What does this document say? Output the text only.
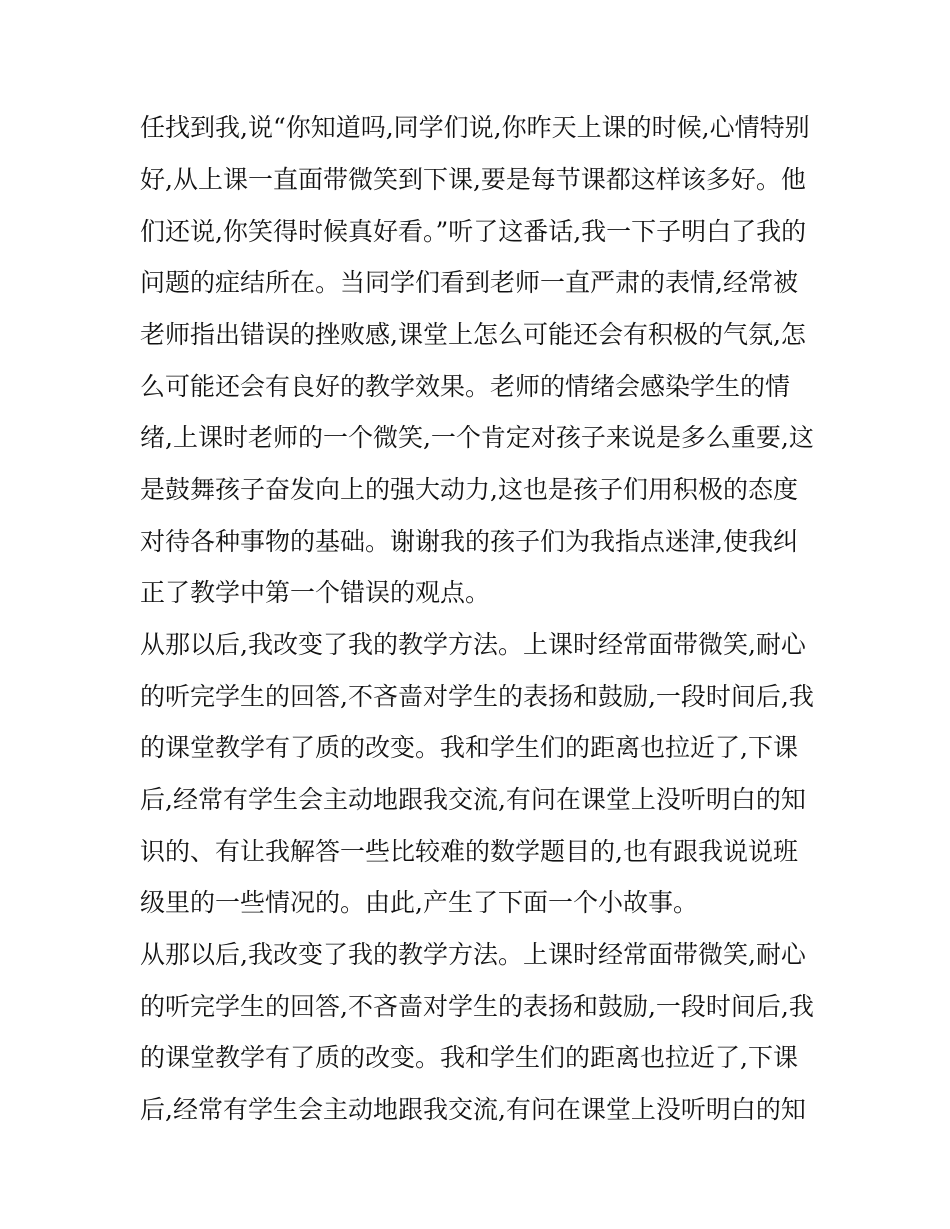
任找到我,说“你知道吗,同学们说,你昨天上课的时候,心情特别
好,从上课一直面带微笑到下课,要是每节课都这样该多好。他
们还说,你笑得时候真好看。”听了这番话,我一下子明白了我的
问题的症结所在。当同学们看到老师一直严肃的表情,经常被
老师指出错误的挫败感,课堂上怎么可能还会有积极的气氛,怎
么可能还会有良好的教学效果。老师的情绪会感染学生的情
绪,上课时老师的一个微笑,一个肯定对孩子来说是多么重要,这
是鼓舞孩子奋发向上的强大动力,这也是孩子们用积极的态度
对待各种事物的基础。谢谢我的孩子们为我指点迷津,使我纠
正了教学中第一个错误的观点。
从那以后,我改变了我的教学方法。上课时经常面带微笑,耐心
的听完学生的回答,不吝啬对学生的表扬和鼓励,一段时间后,我
的课堂教学有了质的改变。我和学生们的距离也拉近了,下课
后,经常有学生会主动地跟我交流,有问在课堂上没听明白的知
识的、有让我解答一些比较难的数学题目的,也有跟我说说班
级里的一些情况的。由此,产生了下面一个小故事。
从那以后,我改变了我的教学方法。上课时经常面带微笑,耐心
的听完学生的回答,不吝啬对学生的表扬和鼓励,一段时间后,我
的课堂教学有了质的改变。我和学生们的距离也拉近了,下课
后,经常有学生会主动地跟我交流,有问在课堂上没听明白的知
